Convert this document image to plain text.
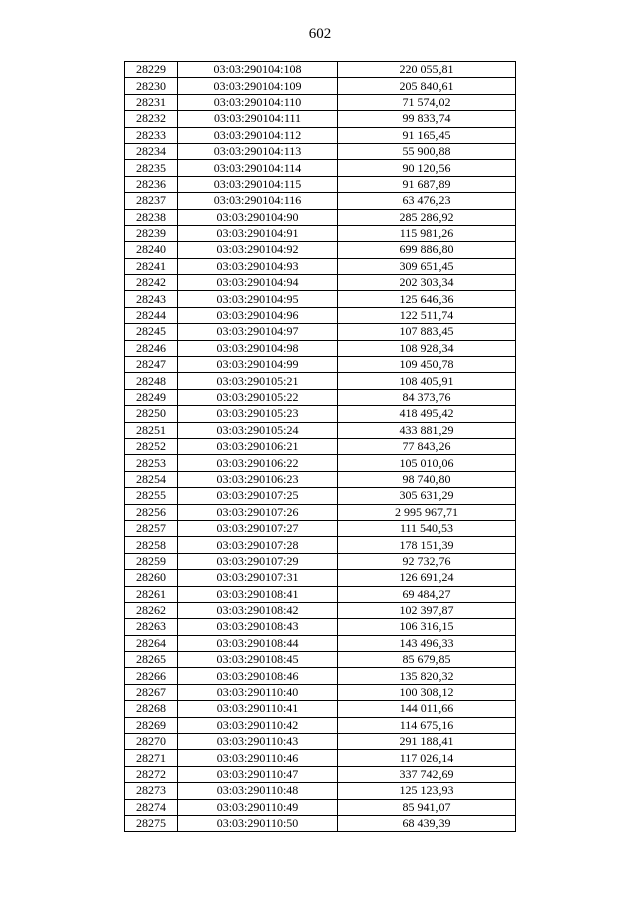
602
28229	03:03:290104:108	220 055,81
28230	03:03:290104:109	205 840,61
28231	03:03:290104:110	71 574,02
28232	03:03:290104:111	99 833,74
28233	03:03:290104:112	91 165,45
28234	03:03:290104:113	55 900,88
28235	03:03:290104:114	90 120,56
28236	03:03:290104:115	91 687,89
28237	03:03:290104:116	63 476,23
28238	03:03:290104:90	285 286,92
28239	03:03:290104:91	115 981,26
28240	03:03:290104:92	699 886,80
28241	03:03:290104:93	309 651,45
28242	03:03:290104:94	202 303,34
28243	03:03:290104:95	125 646,36
28244	03:03:290104:96	122 511,74
28245	03:03:290104:97	107 883,45
28246	03:03:290104:98	108 928,34
28247	03:03:290104:99	109 450,78
28248	03:03:290105:21	108 405,91
28249	03:03:290105:22	84 373,76
28250	03:03:290105:23	418 495,42
28251	03:03:290105:24	433 881,29
28252	03:03:290106:21	77 843,26
28253	03:03:290106:22	105 010,06
28254	03:03:290106:23	98 740,80
28255	03:03:290107:25	305 631,29
28256	03:03:290107:26	2 995 967,71
28257	03:03:290107:27	111 540,53
28258	03:03:290107:28	178 151,39
28259	03:03:290107:29	92 732,76
28260	03:03:290107:31	126 691,24
28261	03:03:290108:41	69 484,27
28262	03:03:290108:42	102 397,87
28263	03:03:290108:43	106 316,15
28264	03:03:290108:44	143 496,33
28265	03:03:290108:45	85 679,85
28266	03:03:290108:46	135 820,32
28267	03:03:290110:40	100 308,12
28268	03:03:290110:41	144 011,66
28269	03:03:290110:42	114 675,16
28270	03:03:290110:43	291 188,41
28271	03:03:290110:46	117 026,14
28272	03:03:290110:47	337 742,69
28273	03:03:290110:48	125 123,93
28274	03:03:290110:49	85 941,07
28275	03:03:290110:50	68 439,39
